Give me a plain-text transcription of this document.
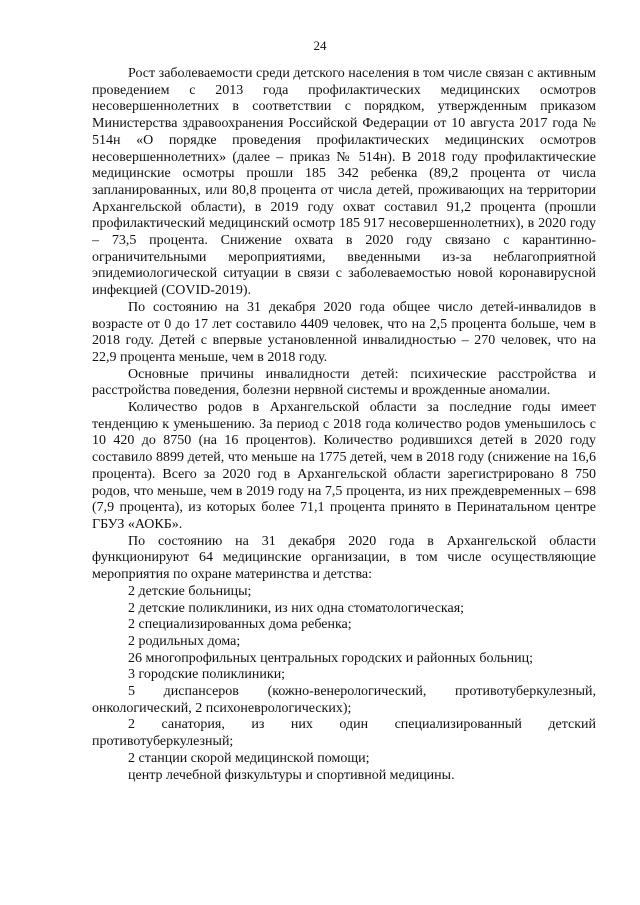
24

Рост заболеваемости среди детского населения в том числе связан с активным проведением с 2013 года профилактических медицинских осмотров несовершеннолетних в соответствии с порядком, утвержденным приказом Министерства здравоохранения Российской Федерации от 10 августа 2017 года № 514н «О порядке проведения профилактических медицинских осмотров несовершеннолетних» (далее – приказ № 514н). В 2018 году профилактические медицинские осмотры прошли 185 342 ребенка (89,2 процента от числа запланированных, или 80,8 процента от числа детей, проживающих на территории Архангельской области), в 2019 году охват составил 91,2 процента (прошли профилактический медицинский осмотр 185 917 несовершеннолетних), в 2020 году – 73,5 процента. Снижение охвата в 2020 году связано с карантинно-ограничительными мероприятиями, введенными из-за неблагоприятной эпидемиологической ситуации в связи с заболеваемостью новой коронавирусной инфекцией (COVID-2019).

По состоянию на 31 декабря 2020 года общее число детей-инвалидов в возрасте от 0 до 17 лет составило 4409 человек, что на 2,5 процента больше, чем в 2018 году. Детей с впервые установленной инвалидностью – 270 человек, что на 22,9 процента меньше, чем в 2018 году.

Основные причины инвалидности детей: психические расстройства и расстройства поведения, болезни нервной системы и врожденные аномалии.

Количество родов в Архангельской области за последние годы имеет тенденцию к уменьшению. За период с 2018 года количество родов уменьшилось с 10 420 до 8750 (на 16 процентов). Количество родившихся детей в 2020 году составило 8899 детей, что меньше на 1775 детей, чем в 2018 году (снижение на 16,6 процента). Всего за 2020 год в Архангельской области зарегистрировано 8 750 родов, что меньше, чем в 2019 году на 7,5 процента, из них преждевременных – 698 (7,9 процента), из которых более 71,1 процента принято в Перинатальном центре ГБУЗ «АОКБ».

По состоянию на 31 декабря 2020 года в Архангельской области функционируют 64 медицинские организации, в том числе осуществляющие мероприятия по охране материнства и детства:

2 детские больницы;
2 детские поликлиники, из них одна стоматологическая;
2 специализированных дома ребенка;
2 родильных дома;
26 многопрофильных центральных городских и районных больниц;
3 городские поликлиники;
5 диспансеров (кожно-венерологический, противотуберкулезный, онкологический, 2 психоневрологических);
2 санатория, из них один специализированный детский противотуберкулезный;
2 станции скорой медицинской помощи;
центр лечебной физкультуры и спортивной медицины.
